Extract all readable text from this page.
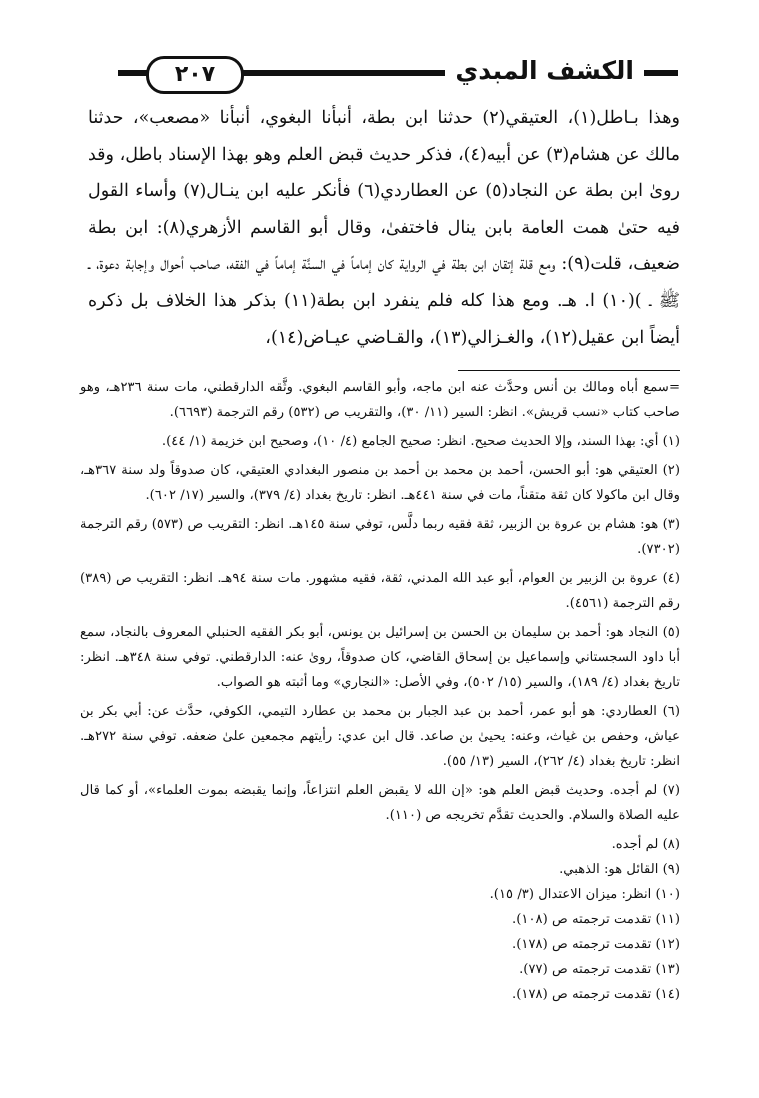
٢٠٧	الكشف المبدي

وهذا بـاطل(١)، العتيقي(٢) حدثنا ابن بطة، أنبأنا البغوي، أنبأنا «مصعب»، حدثنا مالك عن هشام(٣) عن أبيه(٤)، فذكر حديث قبض العلم وهو بهذا الإسناد باطل، وقد روىٰ ابن بطة عن النجاد(٥) عن العطاردي(٦) فأنكر عليه ابن ينـال(٧) وأساء القول فيه حتىٰ همت العامة بابن ينال فاختفىٰ، وقال أبو القاسم الأزهري(٨): ابن بطة ضعيف، قلت(٩): ومع قلة إتقان ابن بطة في الرواية كان إماماً في السنَّة إماماً في الفقه، صاحب أحوال وإجابة دعوة، ـ ﷺ ـ )(١٠) ا. هـ. ومع هذا كله فلم ينفرد ابن بطة(١١) بذكر هذا الخلاف بل ذكره أيضاً ابن عقيل(١٢)، والغـزالي(١٣)، والقـاضي عيـاض(١٤)،

=سمع أباه ومالك بن أنس وحدَّث عنه ابن ماجه، وأبو القاسم البغوي. وثَّقه الدارقطني، مات سنة ٢٣٦هـ، وهو صاحب كتاب «نسب قريش». انظر: السير (١١/ ٣٠)، والتقريب ص (٥٣٢) رقم الترجمة (٦٦٩٣).

(١) أي: بهذا السند، وإلا الحديث صحيح. انظر: صحيح الجامع (٤/ ١٠)، وصحيح ابن خزيمة (١/ ٤٤).

(٢) العتيقي هو: أبو الحسن، أحمد بن محمد بن أحمد بن منصور البغدادي العتيقي، كان صدوقاً ولد سنة ٣٦٧هـ، وقال ابن ماكولا كان ثقة متقناً، مات في سنة ٤٤١هـ. انظر: تاريخ بغداد (٤/ ٣٧٩)، والسير (١٧/ ٦٠٢).

(٣) هو: هشام بن عروة بن الزبير، ثقة فقيه ربما دلَّس، توفي سنة ١٤٥هـ. انظر: التقريب ص (٥٧٣) رقم الترجمة (٧٣٠٢).

(٤) عروة بن الزبير بن العوام، أبو عبد الله المدني، ثقة، فقيه مشهور. مات سنة ٩٤هـ. انظر: التقريب ص (٣٨٩) رقم الترجمة (٤٥٦١).

(٥) النجاد هو: أحمد بن سليمان بن الحسن بن إسرائيل بن يونس، أبو بكر الفقيه الحنبلي المعروف بالنجاد، سمع أبا داود السجستاني وإسماعيل بن إسحاق القاضي، كان صدوقاً، روىٰ عنه: الدارقطني. توفي سنة ٣٤٨هـ. انظر: تاريخ بغداد (٤/ ١٨٩)، والسير (١٥/ ٥٠٢)، وفي الأصل: «النجاري» وما أثبته هو الصواب.

(٦) العطاردي: هو أبو عمر، أحمد بن عبد الجبار بن محمد بن عطارد التيمي، الكوفي، حدَّث عن: أبي بكر بن عياش، وحفص بن غياث، وعنه: يحيىٰ بن صاعد. قال ابن عدي: رأيتهم مجمعين علىٰ ضعفه. توفي سنة ٢٧٢هـ. انظر: تاريخ بغداد (٤/ ٢٦٢)، السير (١٣/ ٥٥).

(٧) لم أجده. وحديث قبض العلم هو: «إن الله لا يقبض العلم انتزاعاً، وإنما يقبضه بموت العلماء»، أو كما قال عليه الصلاة والسلام. والحديث تقدَّم تخريجه ص (١١٠).

(٨) لم أجده.

(٩) القائل هو: الذهبي.

(١٠) انظر: ميزان الاعتدال (٣/ ١٥).

(١١) تقدمت ترجمته ص (١٠٨).

(١٢) تقدمت ترجمته ص (١٧٨).

(١٣) تقدمت ترجمته ص (٧٧).

(١٤) تقدمت ترجمته ص (١٧٨).
